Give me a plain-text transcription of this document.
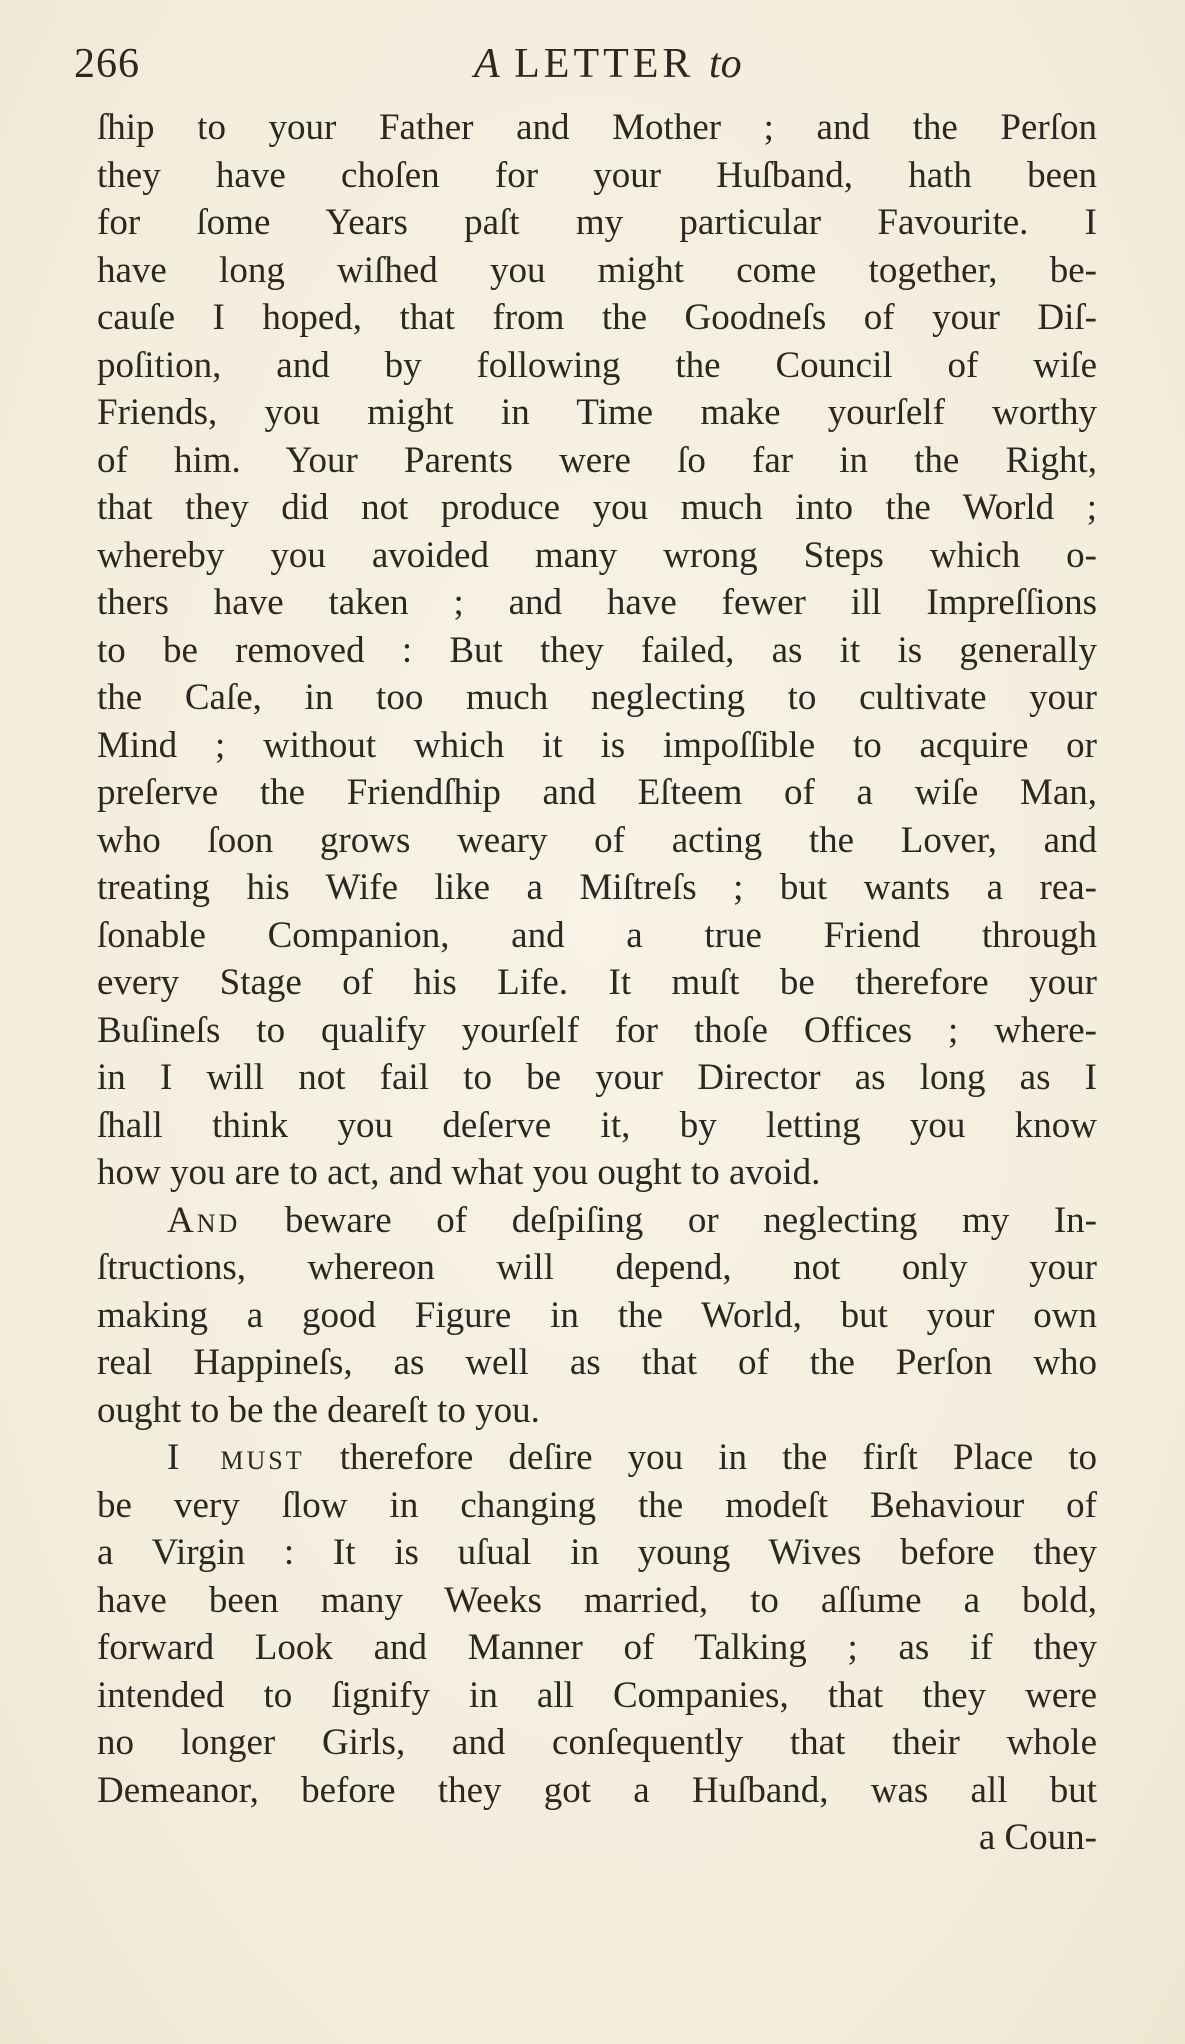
266	A LETTER to
ſhip to your Father and Mother ; and the Perſon
they have choſen for your Huſband, hath been
for ſome Years paſt my particular Favourite. I
have long wiſhed you might come together, be-
cauſe I hoped, that from the Goodneſs of your Diſ-
poſition, and by following the Council of wiſe
Friends, you might in Time make yourſelf worthy
of him. Your Parents were ſo far in the Right,
that they did not produce you much into the World ;
whereby you avoided many wrong Steps which o-
thers have taken ; and have fewer ill Impreſſions
to be removed : But they failed, as it is generally
the Caſe, in too much neglecting to cultivate your
Mind ; without which it is impoſſible to acquire or
preſerve the Friendſhip and Eſteem of a wiſe Man,
who ſoon grows weary of acting the Lover, and
treating his Wife like a Miſtreſs ; but wants a rea-
ſonable Companion, and a true Friend through
every Stage of his Life. It muſt be therefore your
Buſineſs to qualify yourſelf for thoſe Offices ; where-
in I will not fail to be your Director as long as I
ſhall think you deſerve it, by letting you know
how you are to act, and what you ought to avoid.
And beware of deſpiſing or neglecting my In-
ſtructions, whereon will depend, not only your
making a good Figure in the World, but your own
real Happineſs, as well as that of the Perſon who
ought to be the deareſt to you.
I must therefore deſire you in the firſt Place to
be very ſlow in changing the modeſt Behaviour of
a Virgin : It is uſual in young Wives before they
have been many Weeks married, to aſſume a bold,
forward Look and Manner of Talking ; as if they
intended to ſignify in all Companies, that they were
no longer Girls, and conſequently that their whole
Demeanor, before they got a Huſband, was all but
a Coun-
